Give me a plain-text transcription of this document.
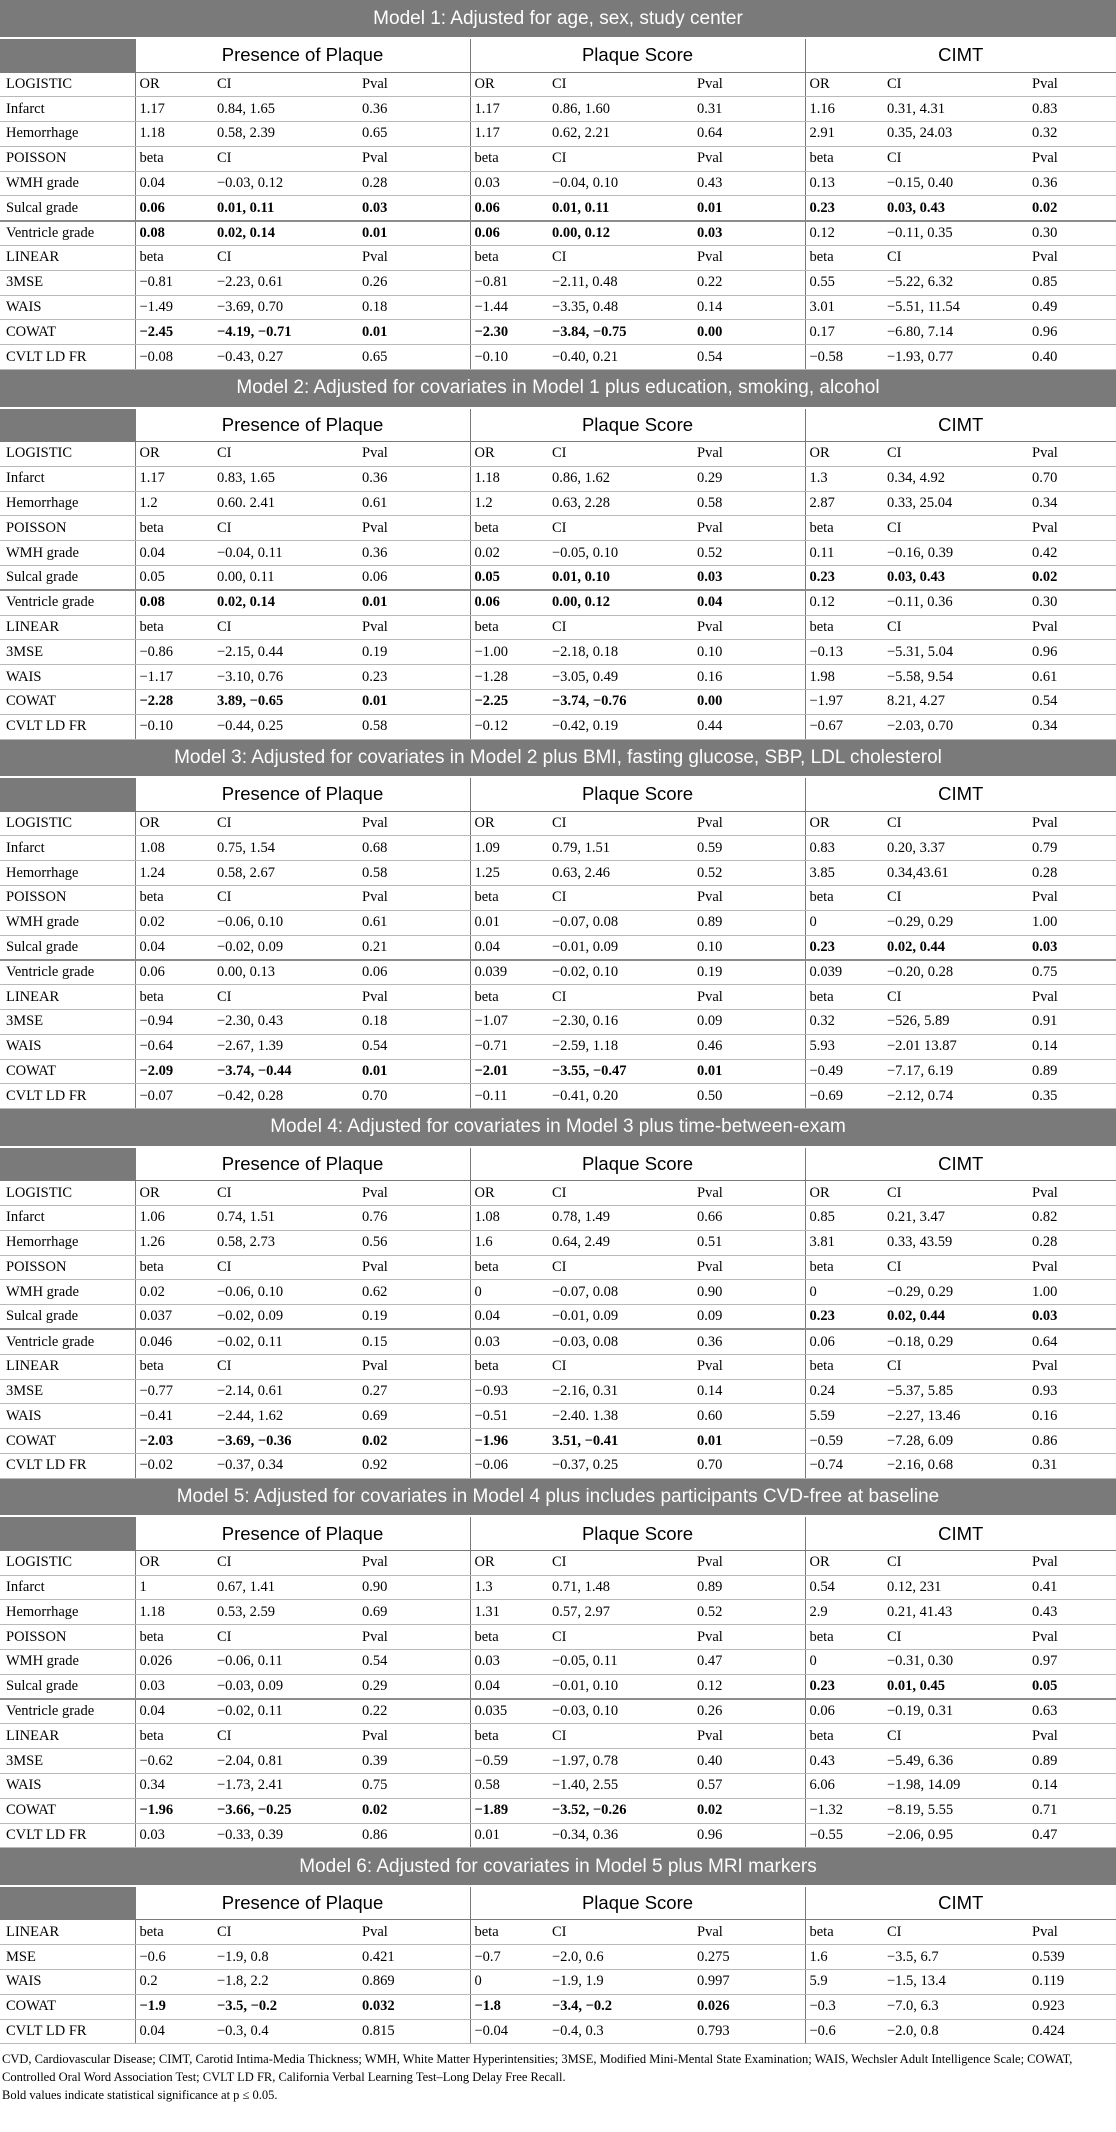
Model 1: Adjusted for age, sex, study center									
	Presence of Plaque			Plaque Score			CIMT		
LOGISTIC	OR	CI	Pval	OR	CI	Pval	OR	CI	Pval
Infarct	1.17	0.84, 1.65	0.36	1.17	0.86, 1.60	0.31	1.16	0.31, 4.31	0.83
Hemorrhage	1.18	0.58, 2.39	0.65	1.17	0.62, 2.21	0.64	2.91	0.35, 24.03	0.32
POISSON	beta	CI	Pval	beta	CI	Pval	beta	CI	Pval
WMH grade	0.04	−0.03, 0.12	0.28	0.03	−0.04, 0.10	0.43	0.13	−0.15, 0.40	0.36
Sulcal grade	0.06	0.01, 0.11	0.03	0.06	0.01, 0.11	0.01	0.23	0.03, 0.43	0.02
Ventricle grade	0.08	0.02, 0.14	0.01	0.06	0.00, 0.12	0.03	0.12	−0.11, 0.35	0.30
LINEAR	beta	CI	Pval	beta	CI	Pval	beta	CI	Pval
3MSE	−0.81	−2.23, 0.61	0.26	−0.81	−2.11, 0.48	0.22	0.55	−5.22, 6.32	0.85
WAIS	−1.49	−3.69, 0.70	0.18	−1.44	−3.35, 0.48	0.14	3.01	−5.51, 11.54	0.49
COWAT	−2.45	−4.19, −0.71	0.01	−2.30	−3.84, −0.75	0.00	0.17	−6.80, 7.14	0.96
CVLT LD FR	−0.08	−0.43, 0.27	0.65	−0.10	−0.40, 0.21	0.54	−0.58	−1.93, 0.77	0.40
Model 2: Adjusted for covariates in Model 1 plus education, smoking, alcohol									
	Presence of Plaque			Plaque Score			CIMT		
LOGISTIC	OR	CI	Pval	OR	CI	Pval	OR	CI	Pval
Infarct	1.17	0.83, 1.65	0.36	1.18	0.86, 1.62	0.29	1.3	0.34, 4.92	0.70
Hemorrhage	1.2	0.60. 2.41	0.61	1.2	0.63, 2.28	0.58	2.87	0.33, 25.04	0.34
POISSON	beta	CI	Pval	beta	CI	Pval	beta	CI	Pval
WMH grade	0.04	−0.04, 0.11	0.36	0.02	−0.05, 0.10	0.52	0.11	−0.16, 0.39	0.42
Sulcal grade	0.05	0.00, 0.11	0.06	0.05	0.01, 0.10	0.03	0.23	0.03, 0.43	0.02
Ventricle grade	0.08	0.02, 0.14	0.01	0.06	0.00, 0.12	0.04	0.12	−0.11, 0.36	0.30
LINEAR	beta	CI	Pval	beta	CI	Pval	beta	CI	Pval
3MSE	−0.86	−2.15, 0.44	0.19	−1.00	−2.18, 0.18	0.10	−0.13	−5.31, 5.04	0.96
WAIS	−1.17	−3.10, 0.76	0.23	−1.28	−3.05, 0.49	0.16	1.98	−5.58, 9.54	0.61
COWAT	−2.28	3.89, −0.65	0.01	−2.25	−3.74, −0.76	0.00	−1.97	8.21, 4.27	0.54
CVLT LD FR	−0.10	−0.44, 0.25	0.58	−0.12	−0.42, 0.19	0.44	−0.67	−2.03, 0.70	0.34
Model 3: Adjusted for covariates in Model 2 plus BMI, fasting glucose, SBP, LDL cholesterol									
	Presence of Plaque			Plaque Score			CIMT		
LOGISTIC	OR	CI	Pval	OR	CI	Pval	OR	CI	Pval
Infarct	1.08	0.75, 1.54	0.68	1.09	0.79, 1.51	0.59	0.83	0.20, 3.37	0.79
Hemorrhage	1.24	0.58, 2.67	0.58	1.25	0.63, 2.46	0.52	3.85	0.34,43.61	0.28
POISSON	beta	CI	Pval	beta	CI	Pval	beta	CI	Pval
WMH grade	0.02	−0.06, 0.10	0.61	0.01	−0.07, 0.08	0.89	0	−0.29, 0.29	1.00
Sulcal grade	0.04	−0.02, 0.09	0.21	0.04	−0.01, 0.09	0.10	0.23	0.02, 0.44	0.03
Ventricle grade	0.06	0.00, 0.13	0.06	0.039	−0.02, 0.10	0.19	0.039	−0.20, 0.28	0.75
LINEAR	beta	CI	Pval	beta	CI	Pval	beta	CI	Pval
3MSE	−0.94	−2.30, 0.43	0.18	−1.07	−2.30, 0.16	0.09	0.32	−526, 5.89	0.91
WAIS	−0.64	−2.67, 1.39	0.54	−0.71	−2.59, 1.18	0.46	5.93	−2.01 13.87	0.14
COWAT	−2.09	−3.74, −0.44	0.01	−2.01	−3.55, −0.47	0.01	−0.49	−7.17, 6.19	0.89
CVLT LD FR	−0.07	−0.42, 0.28	0.70	−0.11	−0.41, 0.20	0.50	−0.69	−2.12, 0.74	0.35
Model 4: Adjusted for covariates in Model 3 plus time-between-exam									
	Presence of Plaque			Plaque Score			CIMT		
LOGISTIC	OR	CI	Pval	OR	CI	Pval	OR	CI	Pval
Infarct	1.06	0.74, 1.51	0.76	1.08	0.78, 1.49	0.66	0.85	0.21, 3.47	0.82
Hemorrhage	1.26	0.58, 2.73	0.56	1.6	0.64, 2.49	0.51	3.81	0.33, 43.59	0.28
POISSON	beta	CI	Pval	beta	CI	Pval	beta	CI	Pval
WMH grade	0.02	−0.06, 0.10	0.62	0	−0.07, 0.08	0.90	0	−0.29, 0.29	1.00
Sulcal grade	0.037	−0.02, 0.09	0.19	0.04	−0.01, 0.09	0.09	0.23	0.02, 0.44	0.03
Ventricle grade	0.046	−0.02, 0.11	0.15	0.03	−0.03, 0.08	0.36	0.06	−0.18, 0.29	0.64
LINEAR	beta	CI	Pval	beta	CI	Pval	beta	CI	Pval
3MSE	−0.77	−2.14, 0.61	0.27	−0.93	−2.16, 0.31	0.14	0.24	−5.37, 5.85	0.93
WAIS	−0.41	−2.44, 1.62	0.69	−0.51	−2.40. 1.38	0.60	5.59	−2.27, 13.46	0.16
COWAT	−2.03	−3.69, −0.36	0.02	−1.96	3.51, −0.41	0.01	−0.59	−7.28, 6.09	0.86
CVLT LD FR	−0.02	−0.37, 0.34	0.92	−0.06	−0.37, 0.25	0.70	−0.74	−2.16, 0.68	0.31
Model 5: Adjusted for covariates in Model 4 plus includes participants CVD-free at baseline									
	Presence of Plaque			Plaque Score			CIMT		
LOGISTIC	OR	CI	Pval	OR	CI	Pval	OR	CI	Pval
Infarct	1	0.67, 1.41	0.90	1.3	0.71, 1.48	0.89	0.54	0.12, 231	0.41
Hemorrhage	1.18	0.53, 2.59	0.69	1.31	0.57, 2.97	0.52	2.9	0.21, 41.43	0.43
POISSON	beta	CI	Pval	beta	CI	Pval	beta	CI	Pval
WMH grade	0.026	−0.06, 0.11	0.54	0.03	−0.05, 0.11	0.47	0	−0.31, 0.30	0.97
Sulcal grade	0.03	−0.03, 0.09	0.29	0.04	−0.01, 0.10	0.12	0.23	0.01, 0.45	0.05
Ventricle grade	0.04	−0.02, 0.11	0.22	0.035	−0.03, 0.10	0.26	0.06	−0.19, 0.31	0.63
LINEAR	beta	CI	Pval	beta	CI	Pval	beta	CI	Pval
3MSE	−0.62	−2.04, 0.81	0.39	−0.59	−1.97, 0.78	0.40	0.43	−5.49, 6.36	0.89
WAIS	0.34	−1.73, 2.41	0.75	0.58	−1.40, 2.55	0.57	6.06	−1.98, 14.09	0.14
COWAT	−1.96	−3.66, −0.25	0.02	−1.89	−3.52, −0.26	0.02	−1.32	−8.19, 5.55	0.71
CVLT LD FR	0.03	−0.33, 0.39	0.86	0.01	−0.34, 0.36	0.96	−0.55	−2.06, 0.95	0.47
Model 6: Adjusted for covariates in Model 5 plus MRI markers									
	Presence of Plaque			Plaque Score			CIMT		
LINEAR	beta	CI	Pval	beta	CI	Pval	beta	CI	Pval
MSE	−0.6	−1.9, 0.8	0.421	−0.7	−2.0, 0.6	0.275	1.6	−3.5, 6.7	0.539
WAIS	0.2	−1.8, 2.2	0.869	0	−1.9, 1.9	0.997	5.9	−1.5, 13.4	0.119
COWAT	−1.9	−3.5, −0.2	0.032	−1.8	−3.4, −0.2	0.026	−0.3	−7.0, 6.3	0.923
CVLT LD FR	0.04	−0.3, 0.4	0.815	−0.04	−0.4, 0.3	0.793	−0.6	−2.0, 0.8	0.424
CVD, Cardiovascular Disease; CIMT, Carotid Intima-Media Thickness; WMH, White Matter Hyperintensities; 3MSE, Modified Mini-Mental State Examination; WAIS, Wechsler Adult Intelligence Scale; COWAT, Controlled Oral Word Association Test; CVLT LD FR, California Verbal Learning Test–Long Delay Free Recall.
Bold values indicate statistical significance at p ≤ 0.05.
